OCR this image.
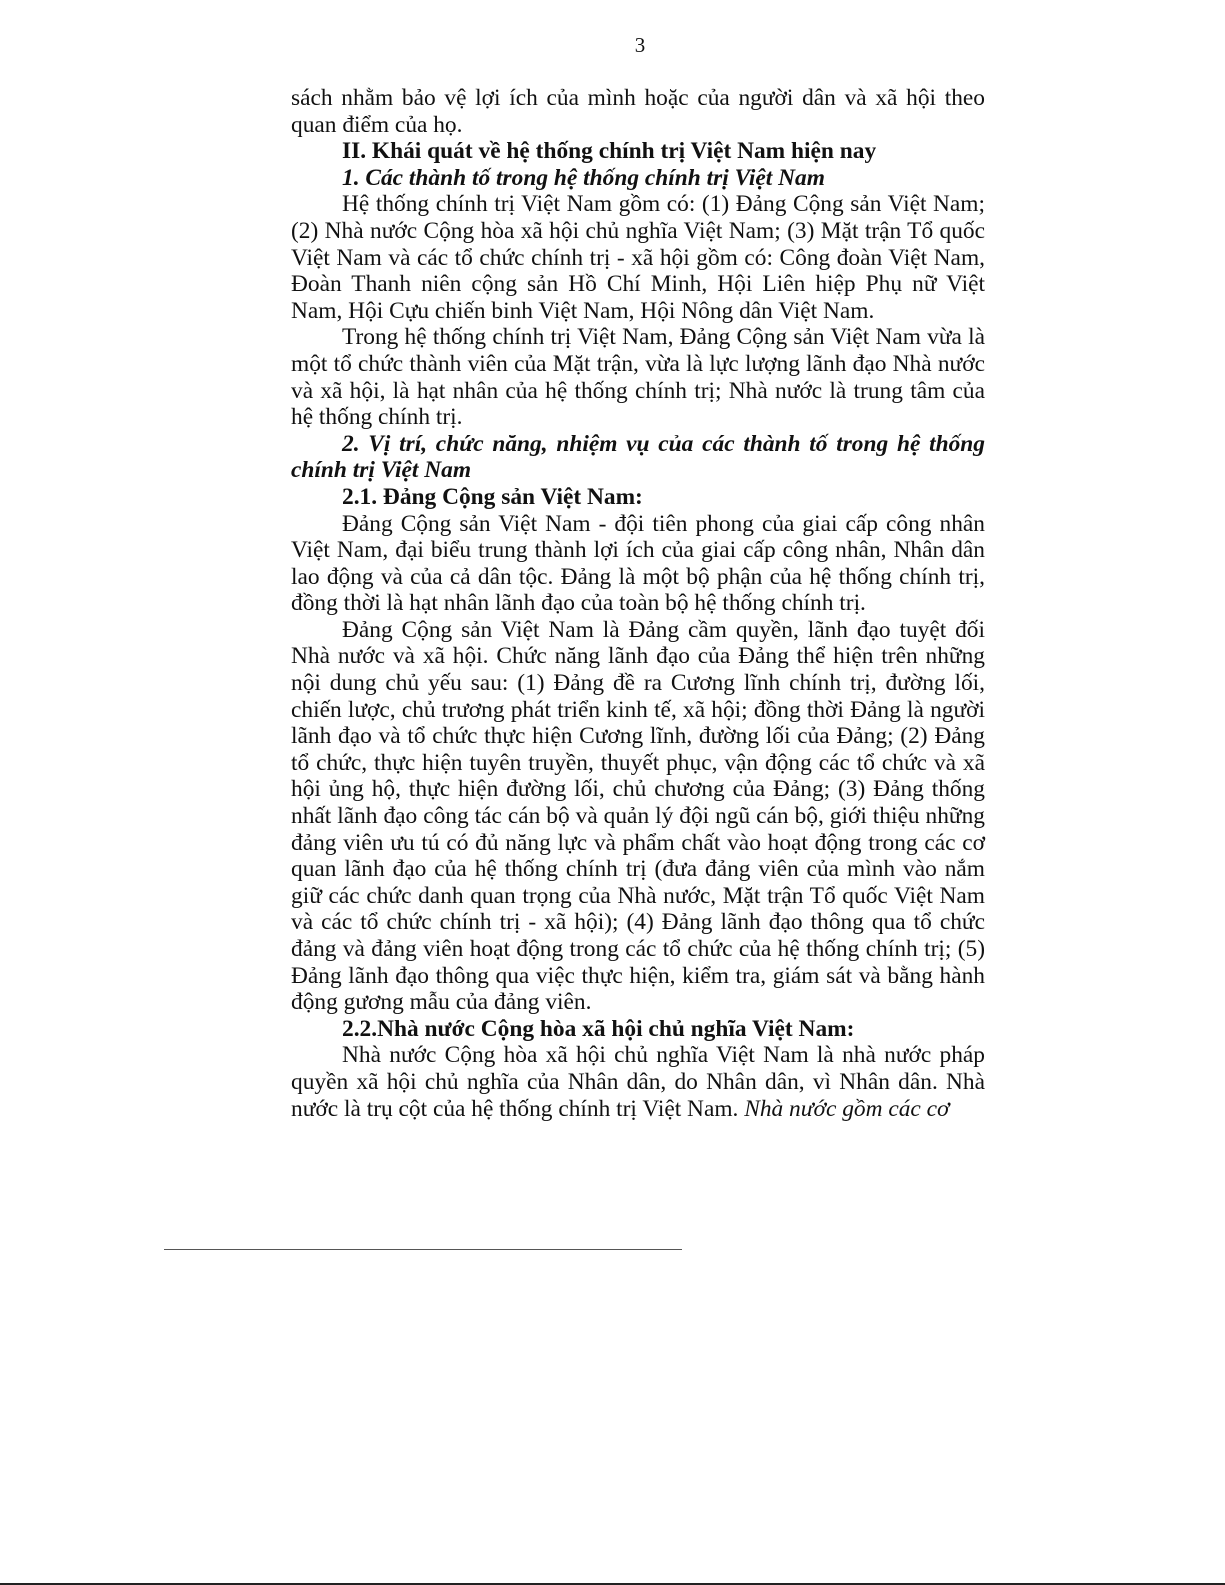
3

sách nhằm bảo vệ lợi ích của mình hoặc của người dân và xã hội theo quan điểm của họ.

II. Khái quát về hệ thống chính trị Việt Nam hiện nay

1. Các thành tố trong hệ thống chính trị Việt Nam

Hệ thống chính trị Việt Nam gồm có: (1) Đảng Cộng sản Việt Nam; (2) Nhà nước Cộng hòa xã hội chủ nghĩa Việt Nam; (3) Mặt trận Tổ quốc Việt Nam và các tổ chức chính trị - xã hội gồm có: Công đoàn Việt Nam, Đoàn Thanh niên cộng sản Hồ Chí Minh, Hội Liên hiệp Phụ nữ Việt Nam, Hội Cựu chiến binh Việt Nam, Hội Nông dân Việt Nam.

Trong hệ thống chính trị Việt Nam, Đảng Cộng sản Việt Nam vừa là một tổ chức thành viên của Mặt trận, vừa là lực lượng lãnh đạo Nhà nước và xã hội, là hạt nhân của hệ thống chính trị; Nhà nước là trung tâm của hệ thống chính trị.

2. Vị trí, chức năng, nhiệm vụ của các thành tố trong hệ thống chính trị Việt Nam

2.1. Đảng Cộng sản Việt Nam:

Đảng Cộng sản Việt Nam - đội tiên phong của giai cấp công nhân Việt Nam, đại biểu trung thành lợi ích của giai cấp công nhân, Nhân dân lao động và của cả dân tộc. Đảng là một bộ phận của hệ thống chính trị, đồng thời là hạt nhân lãnh đạo của toàn bộ hệ thống chính trị.

Đảng Cộng sản Việt Nam là Đảng cầm quyền, lãnh đạo tuyệt đối Nhà nước và xã hội. Chức năng lãnh đạo của Đảng thể hiện trên những nội dung chủ yếu sau: (1) Đảng đề ra Cương lĩnh chính trị, đường lối, chiến lược, chủ trương phát triển kinh tế, xã hội; đồng thời Đảng là người lãnh đạo và tổ chức thực hiện Cương lĩnh, đường lối của Đảng; (2) Đảng tổ chức, thực hiện tuyên truyền, thuyết phục, vận động các tổ chức và xã hội ủng hộ, thực hiện đường lối, chủ chương của Đảng; (3) Đảng thống nhất lãnh đạo công tác cán bộ và quản lý đội ngũ cán bộ, giới thiệu những đảng viên ưu tú có đủ năng lực và phẩm chất vào hoạt động trong các cơ quan lãnh đạo của hệ thống chính trị (đưa đảng viên của mình vào nắm giữ các chức danh quan trọng của Nhà nước, Mặt trận Tổ quốc Việt Nam và các tổ chức chính trị - xã hội); (4) Đảng lãnh đạo thông qua tổ chức đảng và đảng viên hoạt động trong các tổ chức của hệ thống chính trị; (5) Đảng lãnh đạo thông qua việc thực hiện, kiểm tra, giám sát và bằng hành động gương mẫu của đảng viên.

2.2.Nhà nước Cộng hòa xã hội chủ nghĩa Việt Nam:

Nhà nước Cộng hòa xã hội chủ nghĩa Việt Nam là nhà nước pháp quyền xã hội chủ nghĩa của Nhân dân, do Nhân dân, vì Nhân dân. Nhà nước là trụ cột của hệ thống chính trị Việt Nam. Nhà nước gồm các cơ
